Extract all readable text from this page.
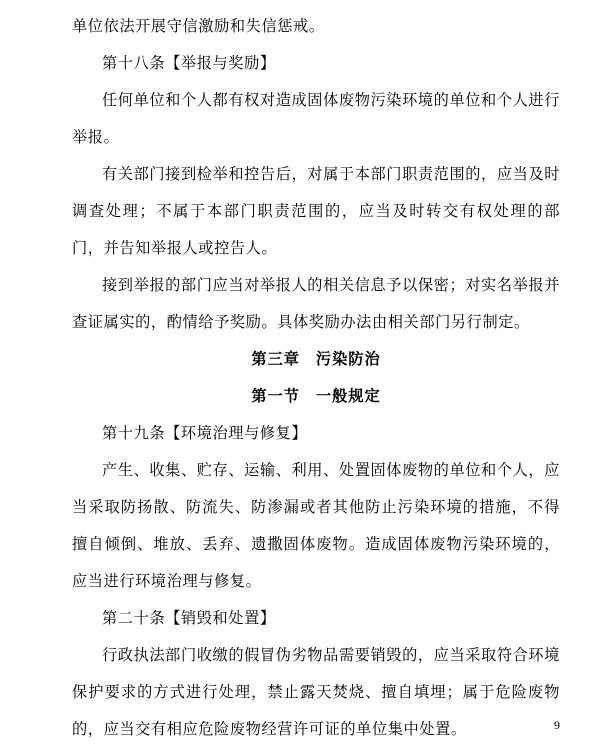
单位依法开展守信激励和失信惩戒。

第十八条【举报与奖励】

任何单位和个人都有权对造成固体废物污染环境的单位和个人进行举报。

有关部门接到检举和控告后，对属于本部门职责范围的，应当及时调查处理；不属于本部门职责范围的，应当及时转交有权处理的部门，并告知举报人或控告人。

接到举报的部门应当对举报人的相关信息予以保密；对实名举报并查证属实的，酌情给予奖励。具体奖励办法由相关部门另行制定。

第三章 污染防治

第一节 一般规定

第十九条【环境治理与修复】

产生、收集、贮存、运输、利用、处置固体废物的单位和个人，应当采取防扬散、防流失、防渗漏或者其他防止污染环境的措施，不得擅自倾倒、堆放、丢弃、遗撒固体废物。造成固体废物污染环境的，应当进行环境治理与修复。

第二十条【销毁和处置】

行政执法部门收缴的假冒伪劣物品需要销毁的，应当采取符合环境保护要求的方式进行处理，禁止露天焚烧、擅自填埋；属于危险废物的，应当交有相应危险废物经营许可证的单位集中处置。	9
